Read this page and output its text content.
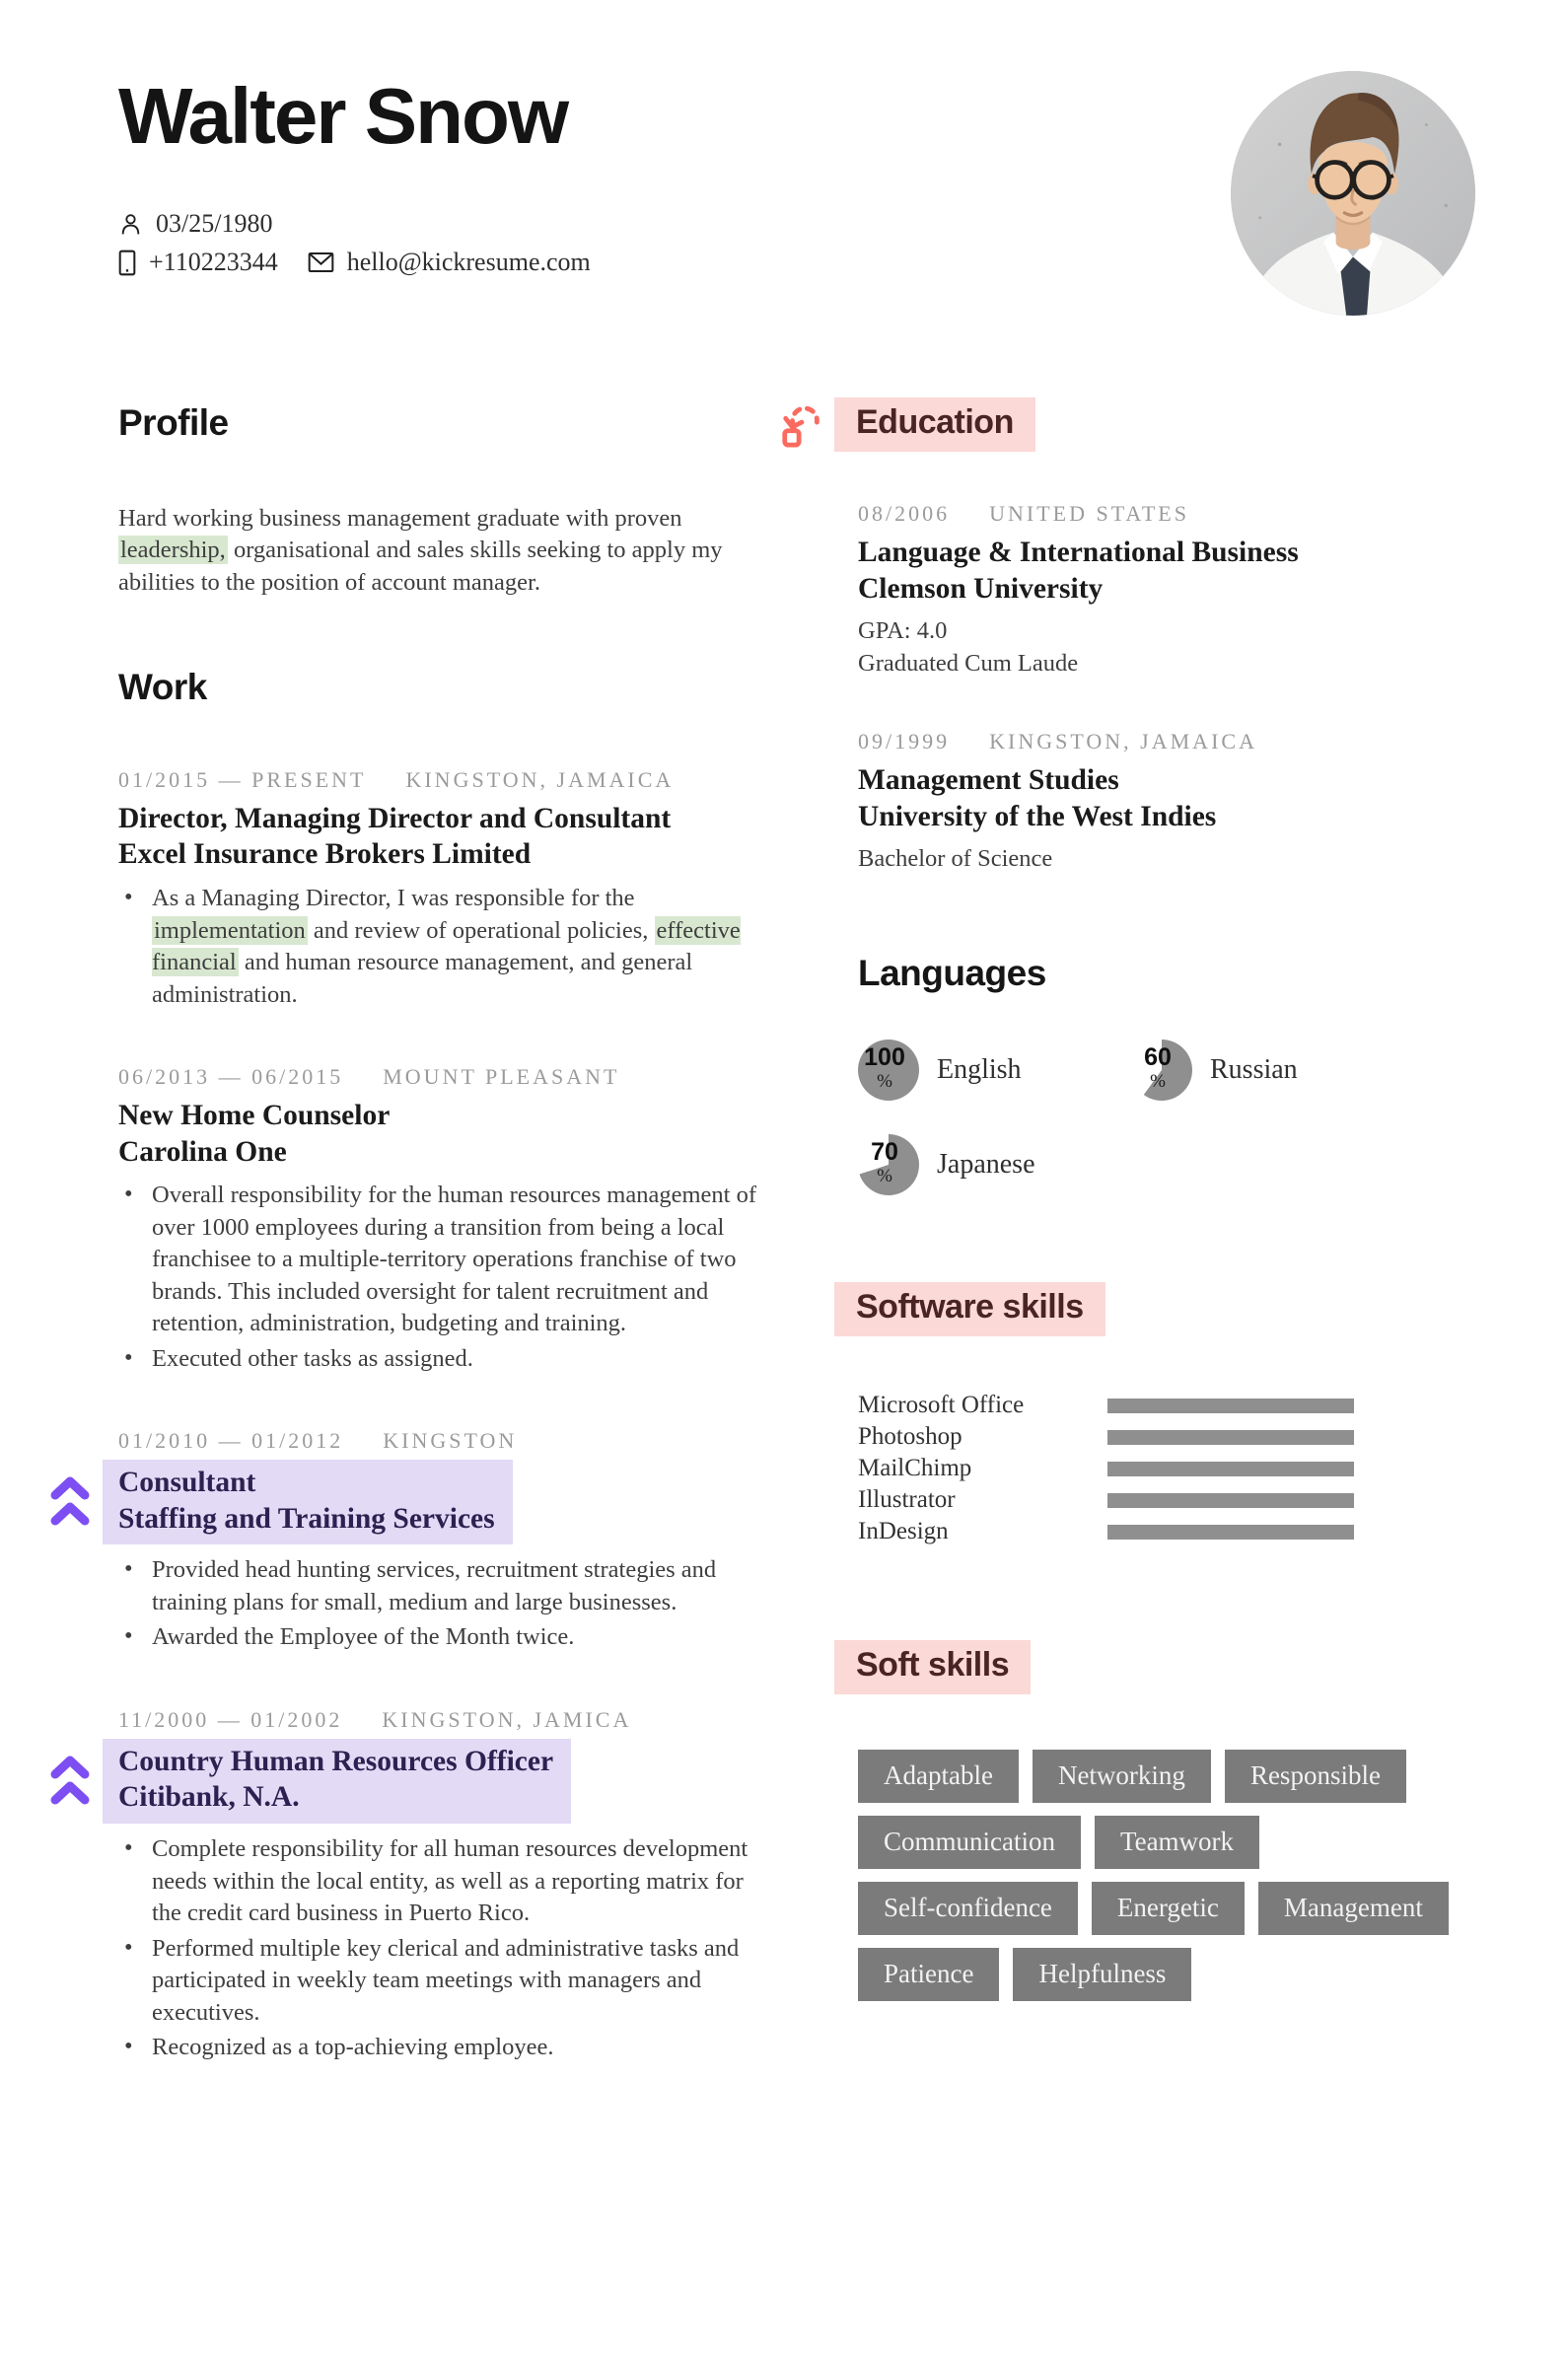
Walter Snow
03/25/1980
+110223344	hello@kickresume.com
Profile
Hard working business management graduate with proven leadership, organisational and sales skills seeking to apply my abilities to the position of account manager.
Work
01/2015 — PRESENT KINGSTON, JAMAICA
Director, Managing Director and Consultant
Excel Insurance Brokers Limited
• As a Managing Director, I was responsible for the implementation and review of operational policies, effective financial and human resource management, and general administration.
06/2013 — 06/2015 MOUNT PLEASANT
New Home Counselor
Carolina One
• Overall responsibility for the human resources management of over 1000 employees during a transition from being a local franchisee to a multiple-territory operations franchise of two brands. This included oversight for talent recruitment and retention, administration, budgeting and training.
• Executed other tasks as assigned.
01/2010 — 01/2012 KINGSTON
Consultant
Staffing and Training Services
• Provided head hunting services, recruitment strategies and training plans for small, medium and large businesses.
• Awarded the Employee of the Month twice.
11/2000 — 01/2002 KINGSTON, JAMICA
Country Human Resources Officer
Citibank, N.A.
• Complete responsibility for all human resources development needs within the local entity, as well as a reporting matrix for the credit card business in Puerto Rico.
• Performed multiple key clerical and administrative tasks and participated in weekly team meetings with managers and executives.
• Recognized as a top-achieving employee.
Education
08/2006 UNITED STATES
Language & International Business
Clemson University
GPA: 4.0
Graduated Cum Laude
09/1999 KINGSTON, JAMAICA
Management Studies
University of the West Indies
Bachelor of Science
Languages
100
% English	60
% Russian
70
% Japanese
Software skills
Microsoft Office
Photoshop
MailChimp
Illustrator
InDesign
Soft skills
Adaptable	Networking	Responsible
Communication	Teamwork
Self-confidence	Energetic	Management
Patience	Helpfulness
